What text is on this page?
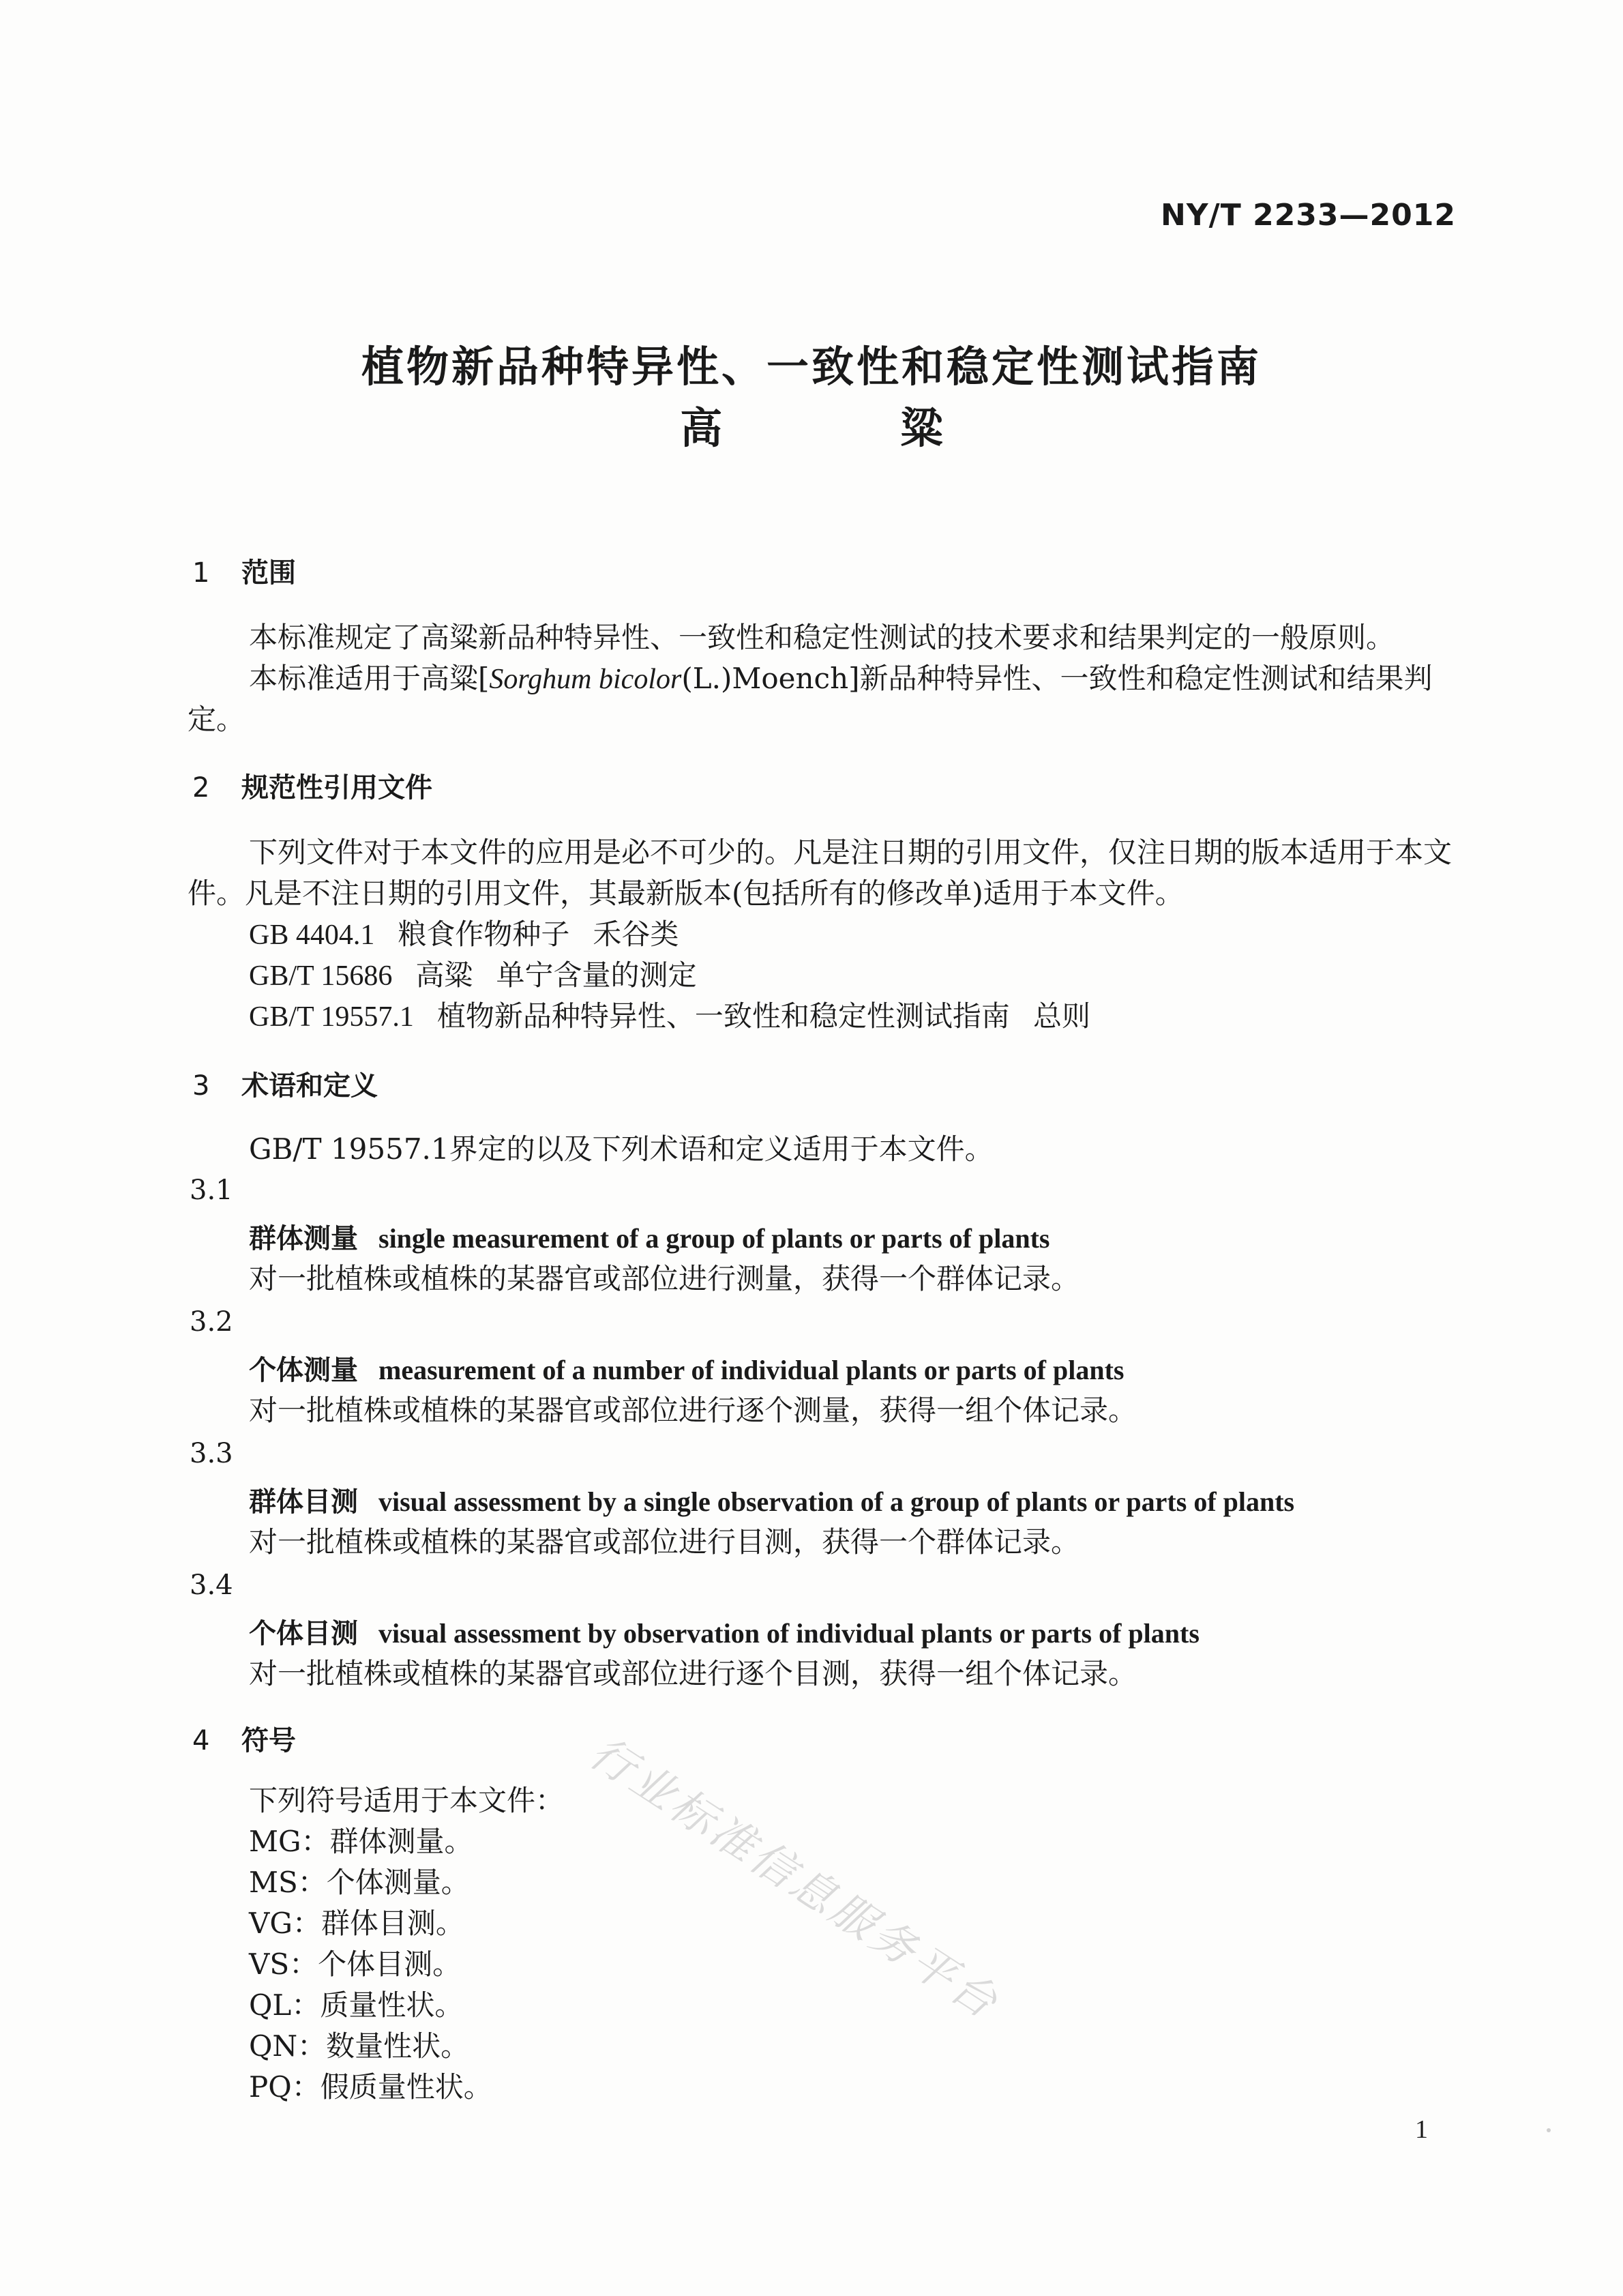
NY/T 2233—2012
植物新品种特异性、一致性和稳定性测试指南
高 粱
1 范围
本标准规定了高粱新品种特异性、一致性和稳定性测试的技术要求和结果判定的一般原则。
本标准适用于高粱[Sorghum bicolor(L.)Moench]新品种特异性、一致性和稳定性测试和结果判
定。
2 规范性引用文件
下列文件对于本文件的应用是必不可少的。凡是注日期的引用文件，仅注日期的版本适用于本文
件。凡是不注日期的引用文件，其最新版本(包括所有的修改单)适用于本文件。
GB 4404.1 粮食作物种子 禾谷类
GB/T 15686 高粱 单宁含量的测定
GB/T 19557.1 植物新品种特异性、一致性和稳定性测试指南 总则
3 术语和定义
GB/T 19557.1界定的以及下列术语和定义适用于本文件。
3.1
群体测量 single measurement of a group of plants or parts of plants
对一批植株或植株的某器官或部位进行测量，获得一个群体记录。
3.2
个体测量 measurement of a number of individual plants or parts of plants
对一批植株或植株的某器官或部位进行逐个测量，获得一组个体记录。
3.3
群体目测 visual assessment by a single observation of a group of plants or parts of plants
对一批植株或植株的某器官或部位进行目测，获得一个群体记录。
3.4
个体目测 visual assessment by observation of individual plants or parts of plants
对一批植株或植株的某器官或部位进行逐个目测，获得一组个体记录。
4 符号
下列符号适用于本文件：
MG：群体测量。
MS：个体测量。
VG：群体目测。
VS：个体目测。
QL：质量性状。
QN：数量性状。
PQ：假质量性状。
行业标准信息服务平台
1
